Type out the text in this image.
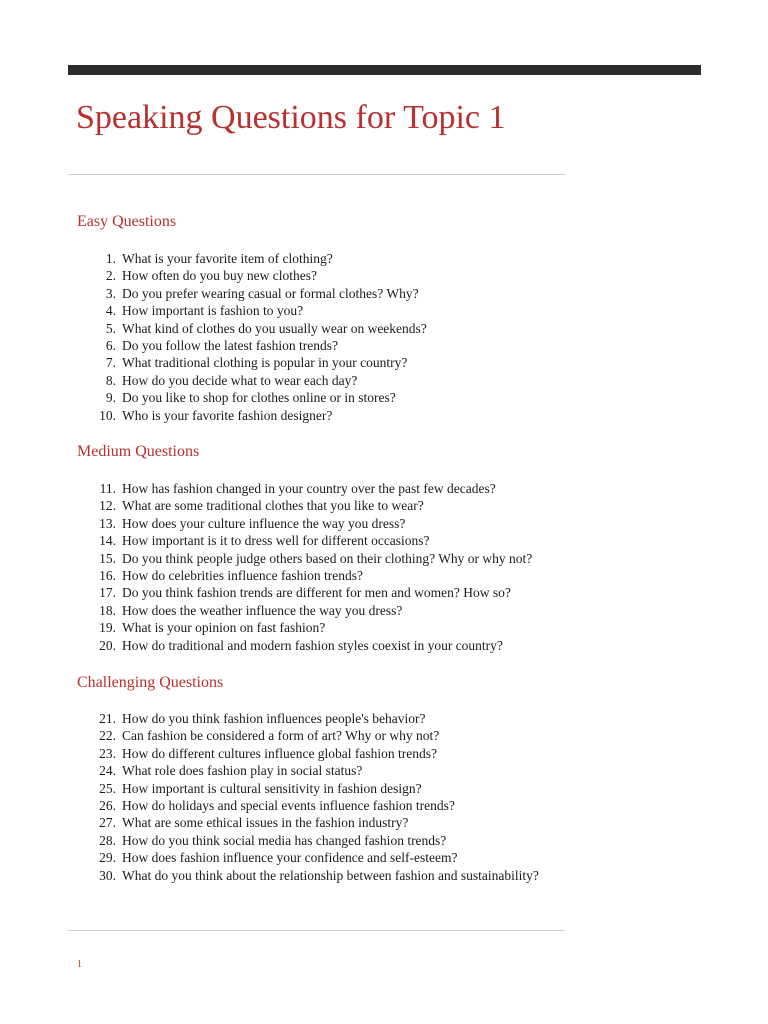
Speaking Questions for Topic 1
Easy Questions
1. What is your favorite item of clothing?
2. How often do you buy new clothes?
3. Do you prefer wearing casual or formal clothes? Why?
4. How important is fashion to you?
5. What kind of clothes do you usually wear on weekends?
6. Do you follow the latest fashion trends?
7. What traditional clothing is popular in your country?
8. How do you decide what to wear each day?
9. Do you like to shop for clothes online or in stores?
10. Who is your favorite fashion designer?
Medium Questions
11. How has fashion changed in your country over the past few decades?
12. What are some traditional clothes that you like to wear?
13. How does your culture influence the way you dress?
14. How important is it to dress well for different occasions?
15. Do you think people judge others based on their clothing? Why or why not?
16. How do celebrities influence fashion trends?
17. Do you think fashion trends are different for men and women? How so?
18. How does the weather influence the way you dress?
19. What is your opinion on fast fashion?
20. How do traditional and modern fashion styles coexist in your country?
Challenging Questions
21. How do you think fashion influences people's behavior?
22. Can fashion be considered a form of art? Why or why not?
23. How do different cultures influence global fashion trends?
24. What role does fashion play in social status?
25. How important is cultural sensitivity in fashion design?
26. How do holidays and special events influence fashion trends?
27. What are some ethical issues in the fashion industry?
28. How do you think social media has changed fashion trends?
29. How does fashion influence your confidence and self-esteem?
30. What do you think about the relationship between fashion and sustainability?
1
